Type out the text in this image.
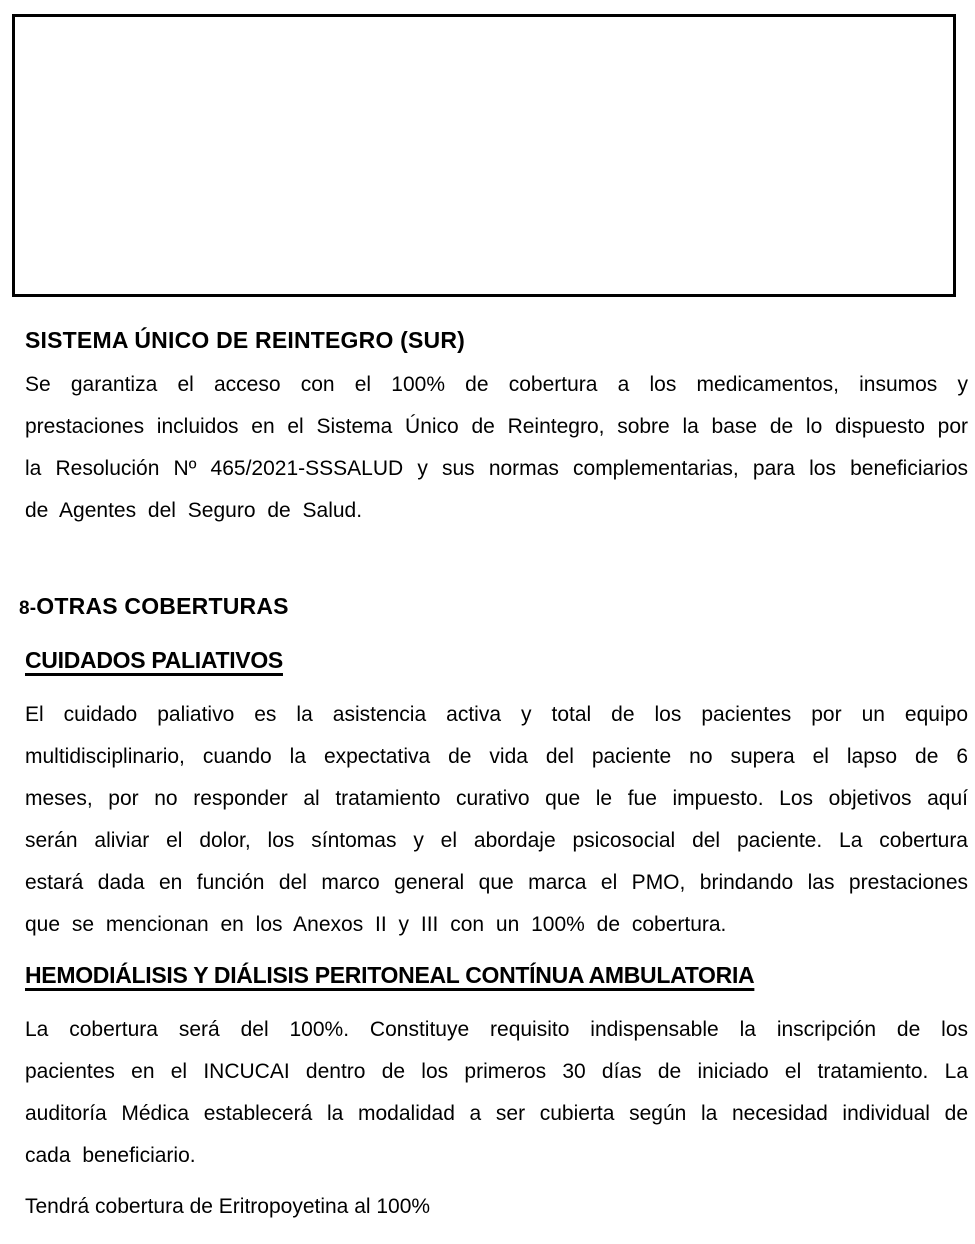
SISTEMA ÚNICO DE REINTEGRO (SUR)

Se garantiza el acceso con el 100% de cobertura a los medicamentos, insumos y prestaciones incluidos en el Sistema Único de Reintegro, sobre la base de lo dispuesto por la Resolución Nº 465/2021-SSSALUD y sus normas complementarias, para los beneficiarios de Agentes del Seguro de Salud.

8-OTRAS COBERTURAS
CUIDADOS PALIATIVOS

El cuidado paliativo es la asistencia activa y total de los pacientes por un equipo multidisciplinario, cuando la expectativa de vida del paciente no supera el lapso de 6 meses, por no responder al tratamiento curativo que le fue impuesto. Los objetivos aquí serán aliviar el dolor, los síntomas y el abordaje psicosocial del paciente. La cobertura estará dada en función del marco general que marca el PMO, brindando las prestaciones que se mencionan en los Anexos II y III con un 100% de cobertura.

HEMODIÁLISIS Y DIÁLISIS PERITONEAL CONTÍNUA AMBULATORIA

La cobertura será del 100%. Constituye requisito indispensable la inscripción de los pacientes en el INCUCAI dentro de los primeros 30 días de iniciado el tratamiento. La auditoría Médica establecerá la modalidad a ser cubierta según la necesidad individual de cada beneficiario.

Tendrá cobertura de Eritropoyetina al 100%
